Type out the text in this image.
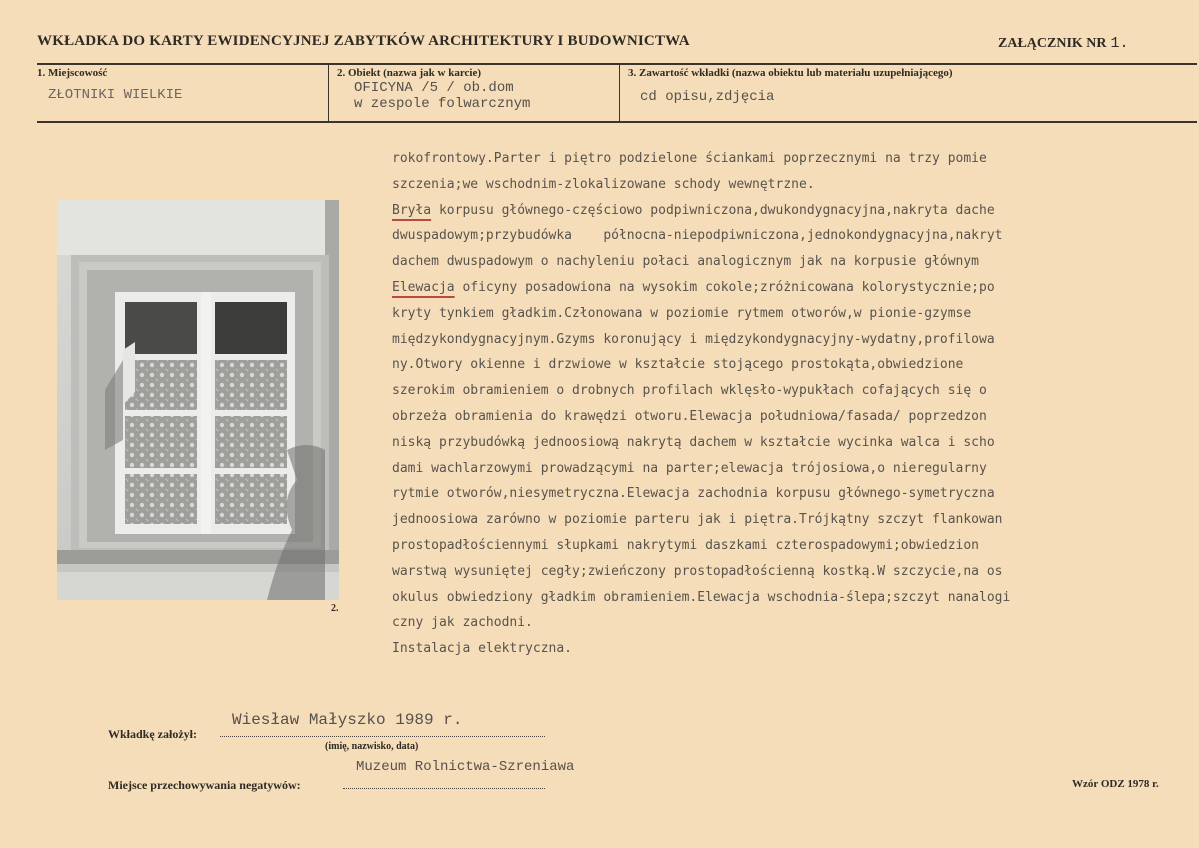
WKŁADKA DO KARTY EWIDENCYJNEJ ZABYTKÓW ARCHITEKTURY I BUDOWNICTWA	ZAŁĄCZNIK NR 1.
1. Miejscowość
ZŁOTNIKI WIELKIE
2. Obiekt (nazwa jak w karcie)
OFICYNA /5 / ob.dom
w zespole folwarcznym
3. Zawartość wkładki (nazwa obiektu lub materiału uzupełniającego)
cd opisu,zdjęcia
rokofrontowy.Parter i piętro podzielone ściankami poprzecznymi na trzy pomie
szczenia;we wschodnim-zlokalizowane schody wewnętrzne.
Bryła korpusu głównego-częściowo podpiwniczona,dwukondygnacyjna,nakryta dache
dwuspadowym;przybudówka    północna-niepodpiwniczona,jednokondygnacyjna,nakryt
dachem dwuspadowym o nachyleniu połaci analogicznym jak na korpusie głównym
Elewacja oficyny posadowiona na wysokim cokole;zróżnicowana kolorystycznie;po
kryty tynkiem gładkim.Członowana w poziomie rytmem otworów,w pionie-gzymse
międzykondygnacyjnym.Gzyms koronujący i międzykondygnacyjny-wydatny,profilowa
ny.Otwory okienne i drzwiowe w kształcie stojącego prostokąta,obwiedzione
szerokim obramieniem o drobnych profilach wklęsło-wypukłach cofających się o
obrzeża obramienia do krawędzi otworu.Elewacja południowa/fasada/ poprzedzon
niską przybudówką jednoosiową nakrytą dachem w kształcie wycinka walca i scho
dami wachlarzowymi prowadzącymi na parter;elewacja trójosiowa,o nieregularny
rytmie otworów,niesymetryczna.Elewacja zachodnia korpusu głównego-symetryczna
jednoosiowa zarówno w poziomie parteru jak i piętra.Trójkątny szczyt flankowan
prostopadłościennymi słupkami nakrytymi daszkami czterospadowymi;obwiedzion
warstwą wysuniętej cegły;zwieńczony prostopadłościenną kostką.W szczycie,na os
okulus obwiedziony gładkim obramieniem.Elewacja wschodnia-ślepa;szczyt nanalogi
czny jak zachodni.
Instalacja elektryczna.
2.
Wkładkę założył:
Wiesław Małyszko 1989 r.
(imię, nazwisko, data)
Miejsce przechowywania negatywów:
Muzeum Rolnictwa-Szreniawa
Wzór ODZ 1978 r.
